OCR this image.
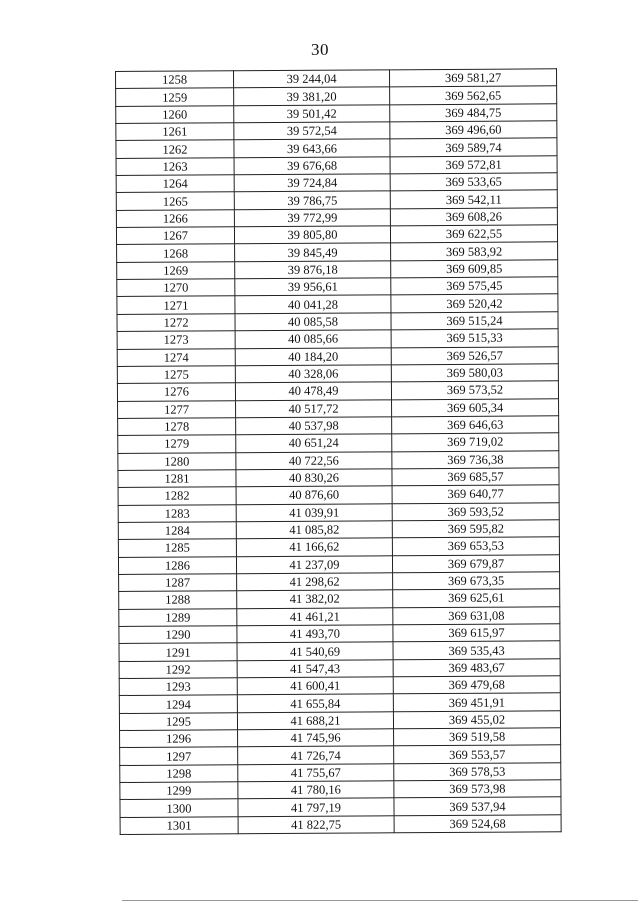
30
1258	39 244,04	369 581,27
1259	39 381,20	369 562,65
1260	39 501,42	369 484,75
1261	39 572,54	369 496,60
1262	39 643,66	369 589,74
1263	39 676,68	369 572,81
1264	39 724,84	369 533,65
1265	39 786,75	369 542,11
1266	39 772,99	369 608,26
1267	39 805,80	369 622,55
1268	39 845,49	369 583,92
1269	39 876,18	369 609,85
1270	39 956,61	369 575,45
1271	40 041,28	369 520,42
1272	40 085,58	369 515,24
1273	40 085,66	369 515,33
1274	40 184,20	369 526,57
1275	40 328,06	369 580,03
1276	40 478,49	369 573,52
1277	40 517,72	369 605,34
1278	40 537,98	369 646,63
1279	40 651,24	369 719,02
1280	40 722,56	369 736,38
1281	40 830,26	369 685,57
1282	40 876,60	369 640,77
1283	41 039,91	369 593,52
1284	41 085,82	369 595,82
1285	41 166,62	369 653,53
1286	41 237,09	369 679,87
1287	41 298,62	369 673,35
1288	41 382,02	369 625,61
1289	41 461,21	369 631,08
1290	41 493,70	369 615,97
1291	41 540,69	369 535,43
1292	41 547,43	369 483,67
1293	41 600,41	369 479,68
1294	41 655,84	369 451,91
1295	41 688,21	369 455,02
1296	41 745,96	369 519,58
1297	41 726,74	369 553,57
1298	41 755,67	369 578,53
1299	41 780,16	369 573,98
1300	41 797,19	369 537,94
1301	41 822,75	369 524,68
